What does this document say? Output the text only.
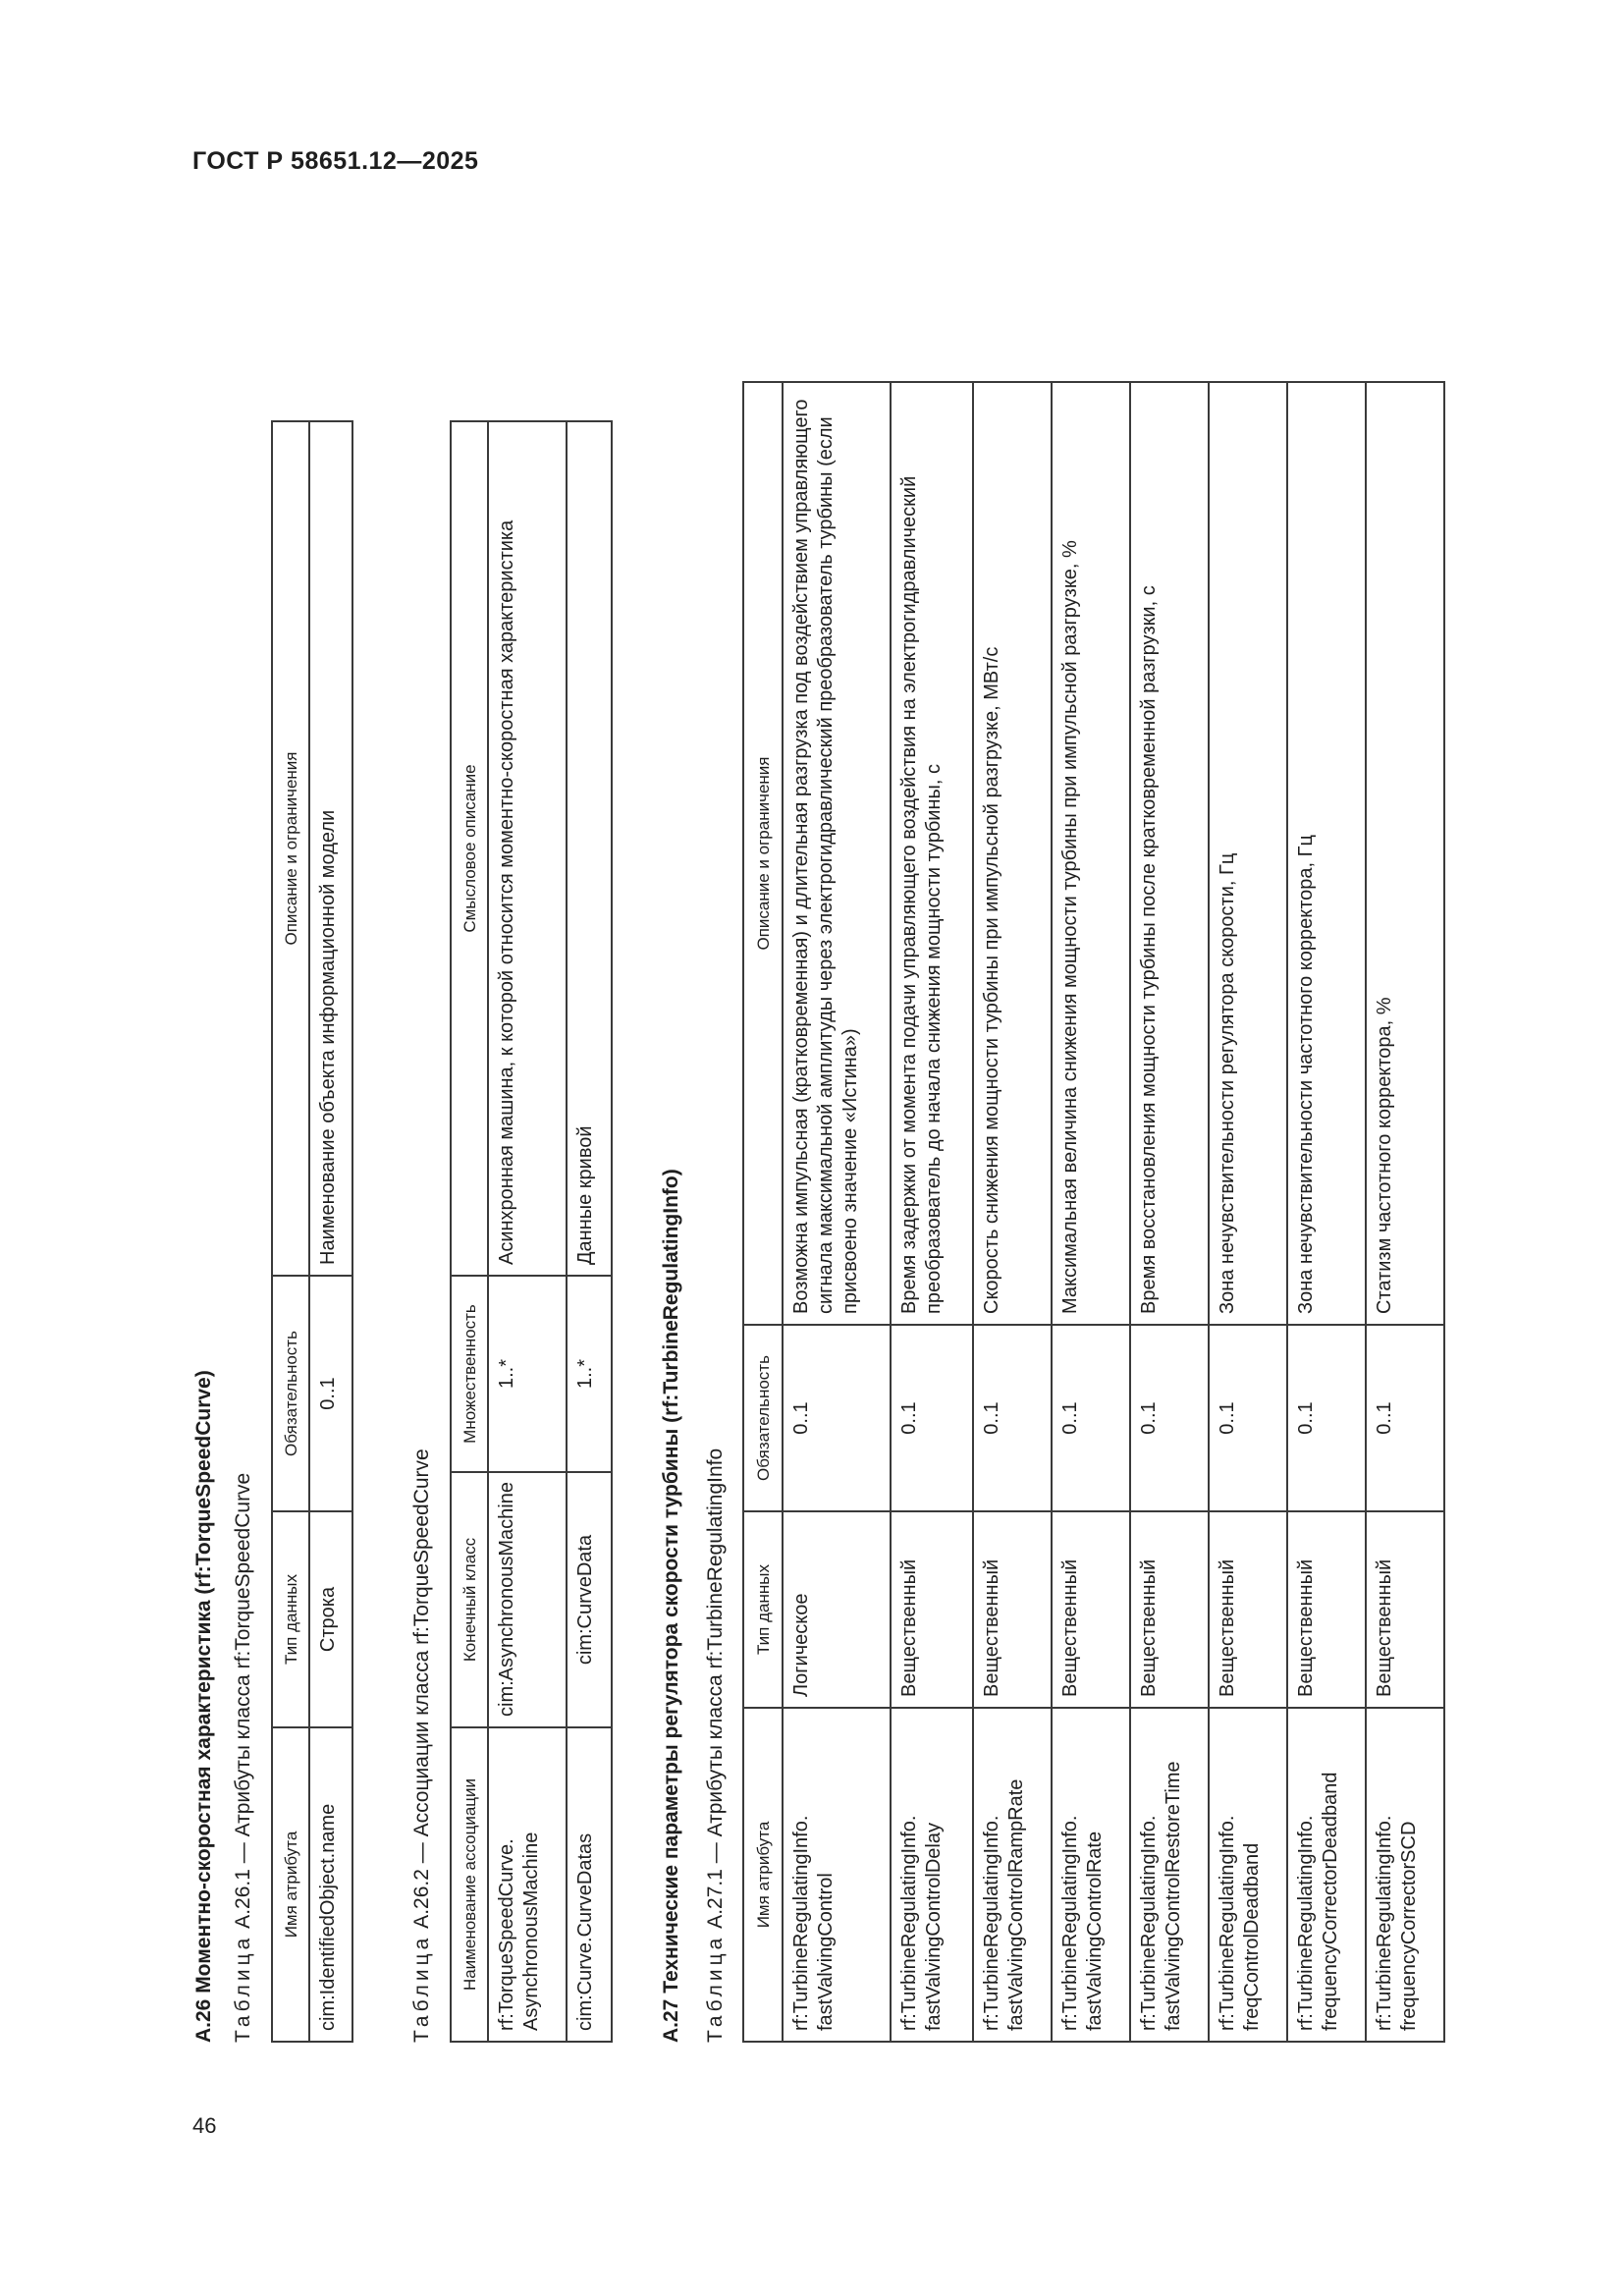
ГОСТ Р 58651.12—2025
46
А.26 Моментно-скоростная характеристика (rf:TorqueSpeedCurve) Таблица А.26.1 — Атрибуты класса rf:TorqueSpeedCurve Имя атрибута	Тип данных	Обязательность	Описание и ограничения
cim:IdentifiedObject.name	Строка	0..1	Наименование объекта информационной модели
Таблица А.26.2 — Ассоциации класса rf:TorqueSpeedCurve Наименование ассоциации	Конечный класс	Множественность	Смысловое описание
rf:TorqueSpeedCurve.
AsynchronousMachine	cim:AsynchronousMachine	1..*	Асинхронная машина, к которой относится моментно-скоростная характеристика
cim:Curve.CurveDatas	cim:CurveData	1..*	Данные кривой	А.27 Технические параметры регулятора скорости турбины (rf:TurbineRegulatingInfo) Таблица А.27.1 — Атрибуты класса rf:TurbineRegulatingInfo Имя атрибута	Тип данных	Обязательность	Описание и ограничения
rf:TurbineRegulatingInfo.
fastValvingControl	Логическое	0..1	Возможна импульсная (кратковременная) и длительная разгрузка под воздействием управляющего сигнала максимальной амплитуды через электрогидравлический преобразователь турбины (если присвоено значение «Истина»)
rf:TurbineRegulatingInfo.
fastValvingControlDelay	Вещественный	0..1	Время задержки от момента подачи управляющего воздействия на электрогидравлический преобразователь до начала снижения мощности турбины, с
rf:TurbineRegulatingInfo.
fastValvingControlRampRate	Вещественный	0..1	Скорость снижения мощности турбины при импульсной разгрузке, МВт/с
rf:TurbineRegulatingInfo.
fastValvingControlRate	Вещественный	0..1	Максимальная величина снижения мощности турбины при импульсной разгрузке, %
rf:TurbineRegulatingInfo.
fastValvingControlRestoreTime	Вещественный	0..1	Время восстановления мощности турбины после кратковременной разгрузки, с
rf:TurbineRegulatingInfo.
freqControlDeadband	Вещественный	0..1	Зона нечувствительности регулятора скорости, Гц
rf:TurbineRegulatingInfo.
frequencyCorrectorDeadband	Вещественный	0..1	Зона нечувствительности частотного корректора, Гц
rf:TurbineRegulatingInfo.
frequencyCorrectorSCD	Вещественный	0..1	Статизм частотного корректора, %
